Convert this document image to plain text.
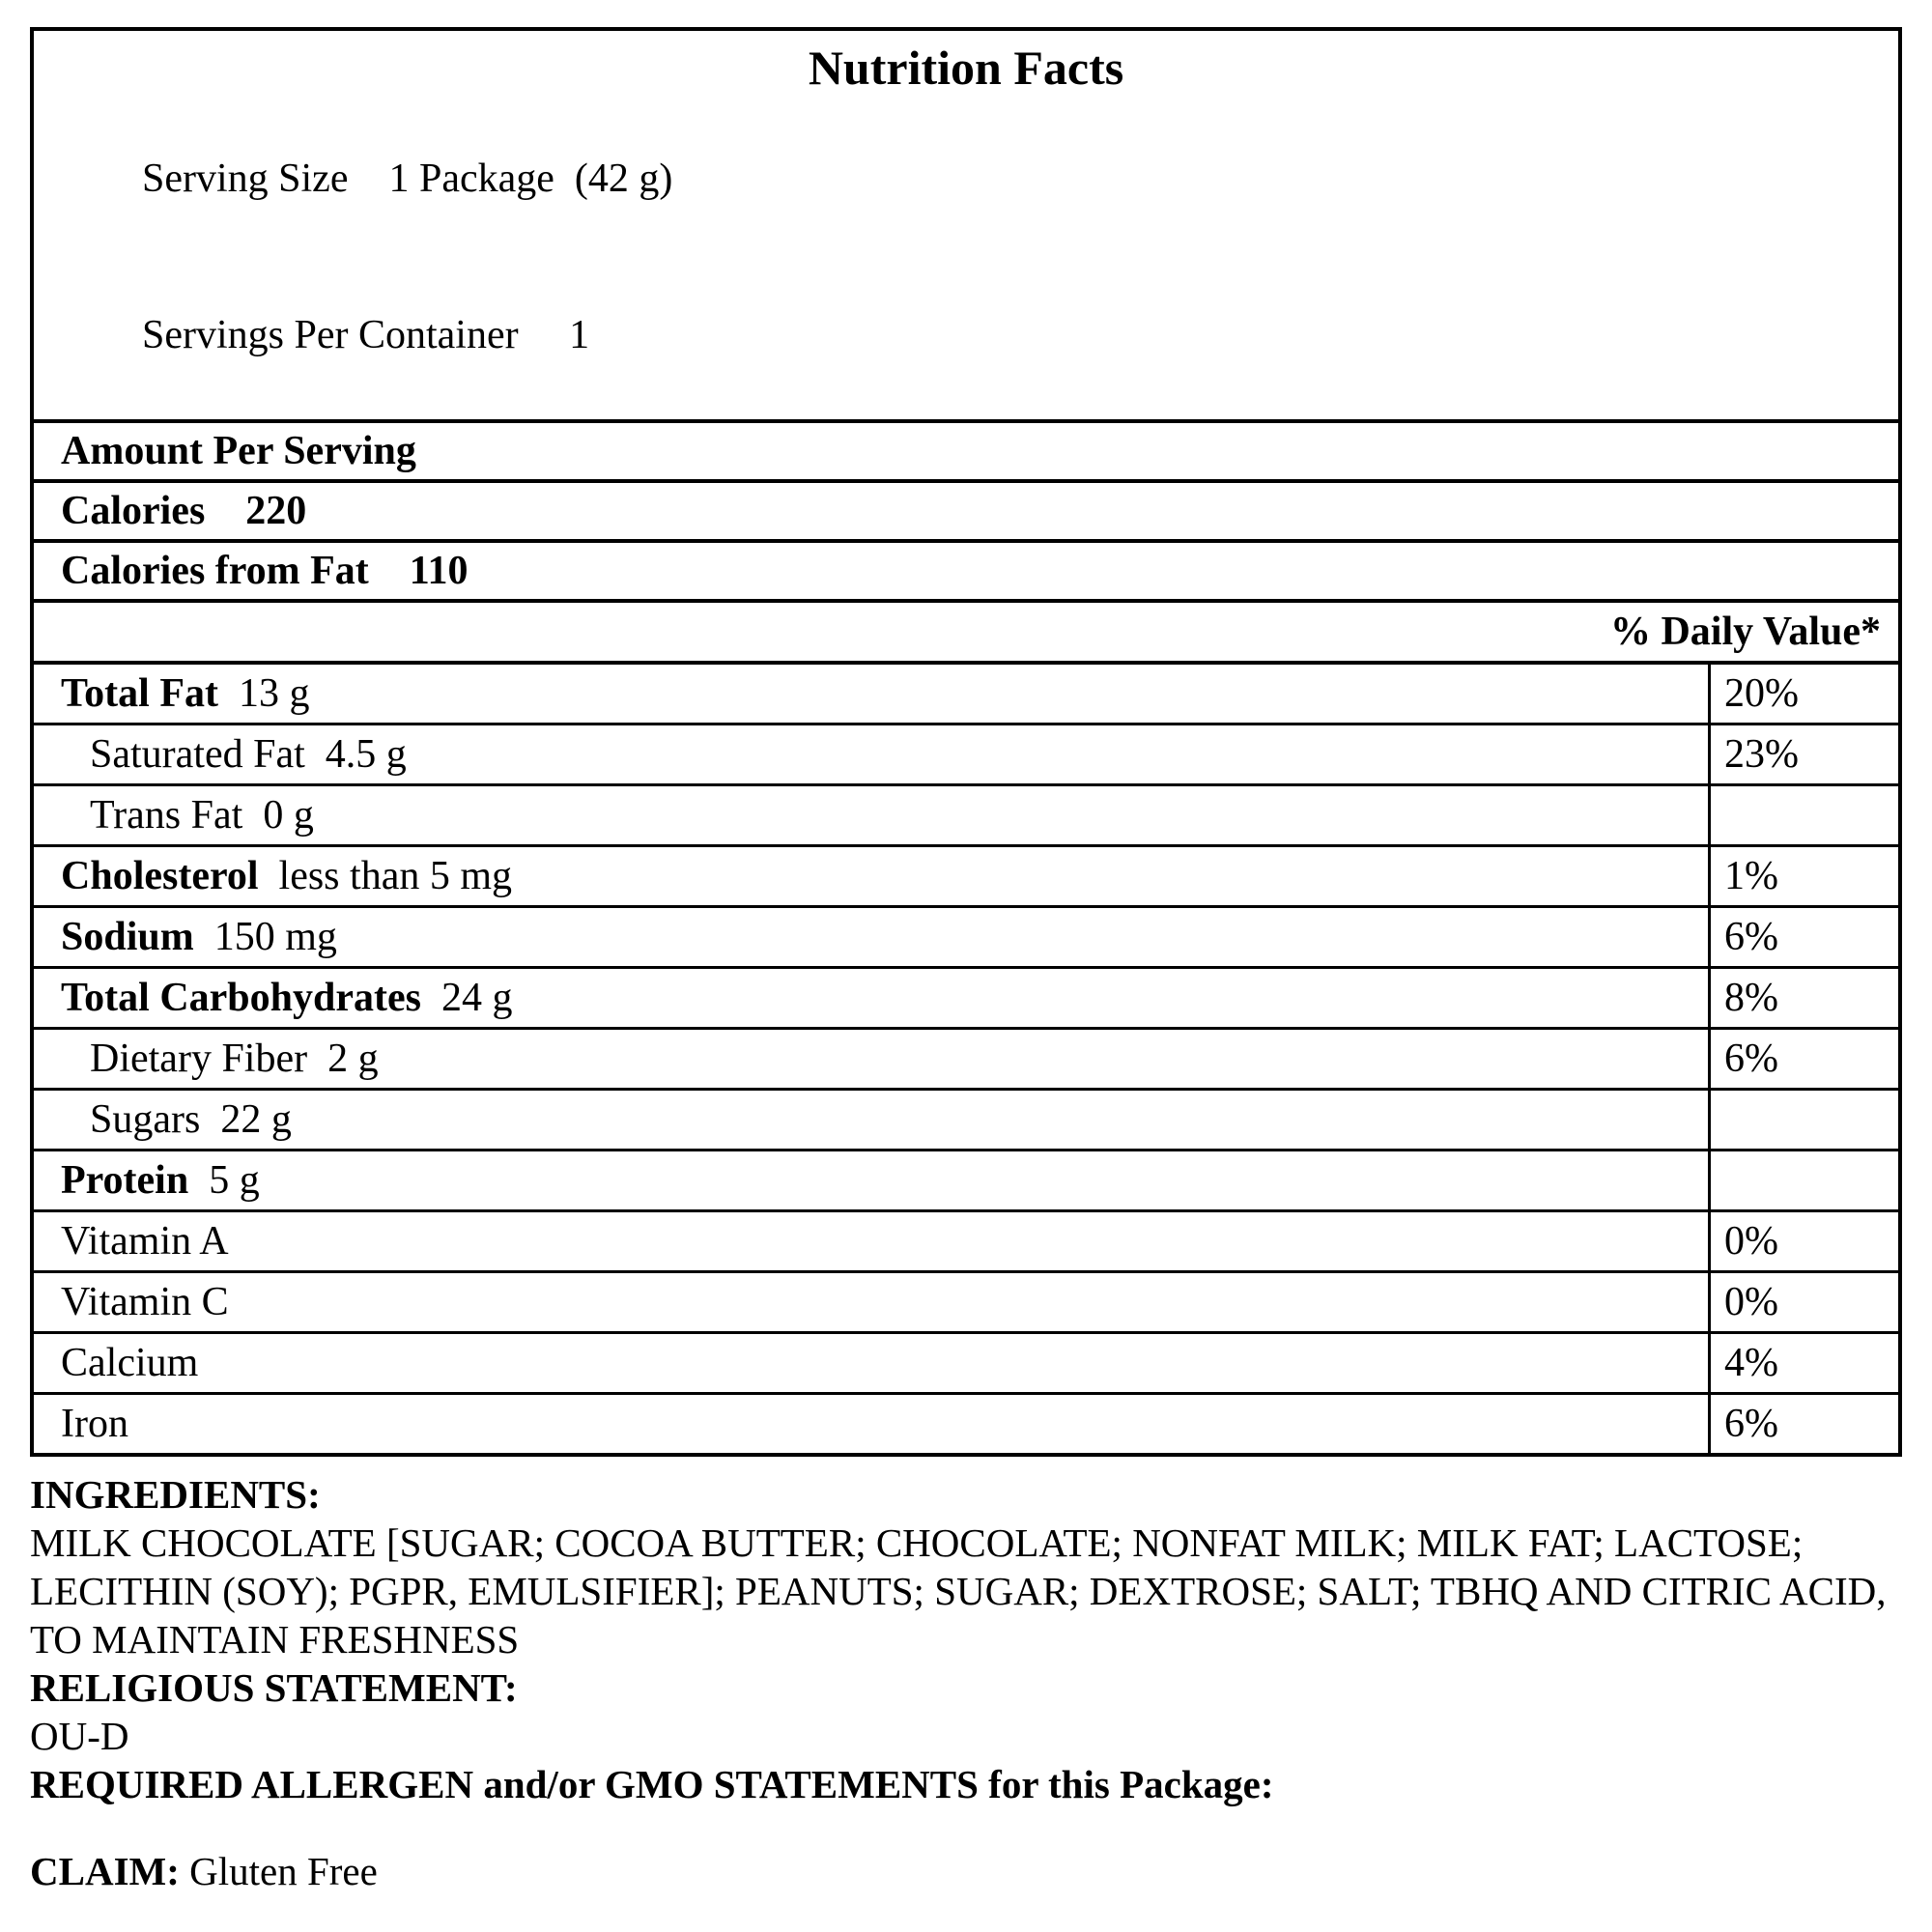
Nutrition Facts

Serving Size 1 Package  (42 g)

Servings Per Container 1

Amount Per Serving
Calories 220
Calories from Fat 110
% Daily Value*
Total Fat 13 g	20%
Saturated Fat 4.5 g	23%
Trans Fat 0 g
Cholesterol less than 5 mg	1%
Sodium 150 mg	6%
Total Carbohydrates 24 g	8%
Dietary Fiber 2 g	6%
Sugars 22 g
Protein 5 g
Vitamin A	0%
Vitamin C	0%
Calcium	4%
Iron	6%

INGREDIENTS:

MILK CHOCOLATE [SUGAR; COCOA BUTTER; CHOCOLATE; NONFAT MILK; MILK FAT; LACTOSE; LECITHIN (SOY); PGPR, EMULSIFIER]; PEANUTS; SUGAR; DEXTROSE; SALT; TBHQ AND CITRIC ACID, TO MAINTAIN FRESHNESS

RELIGIOUS STATEMENT:

OU-D

REQUIRED ALLERGEN and/or GMO STATEMENTS for this Package:

CLAIM: Gluten Free
